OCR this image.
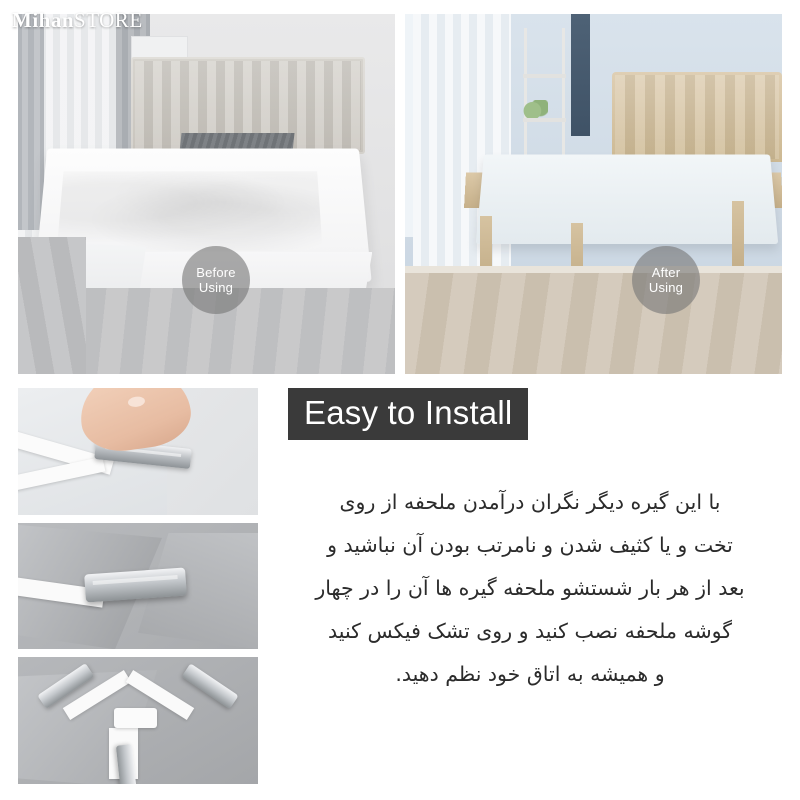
MihanSTORE
Before
Using
After
Using
Easy to Install

با این گیره دیگر نگران درآمدن ملحفه از روی

تخت و یا کثیف شدن و نامرتب بودن آن نباشید و

بعد از هر بار شستشو ملحفه گیره ها آن را در چهار

گوشه ملحفه نصب کنید و روی تشک فیکس کنید

و همیشه به اتاق خود نظم دهید.
